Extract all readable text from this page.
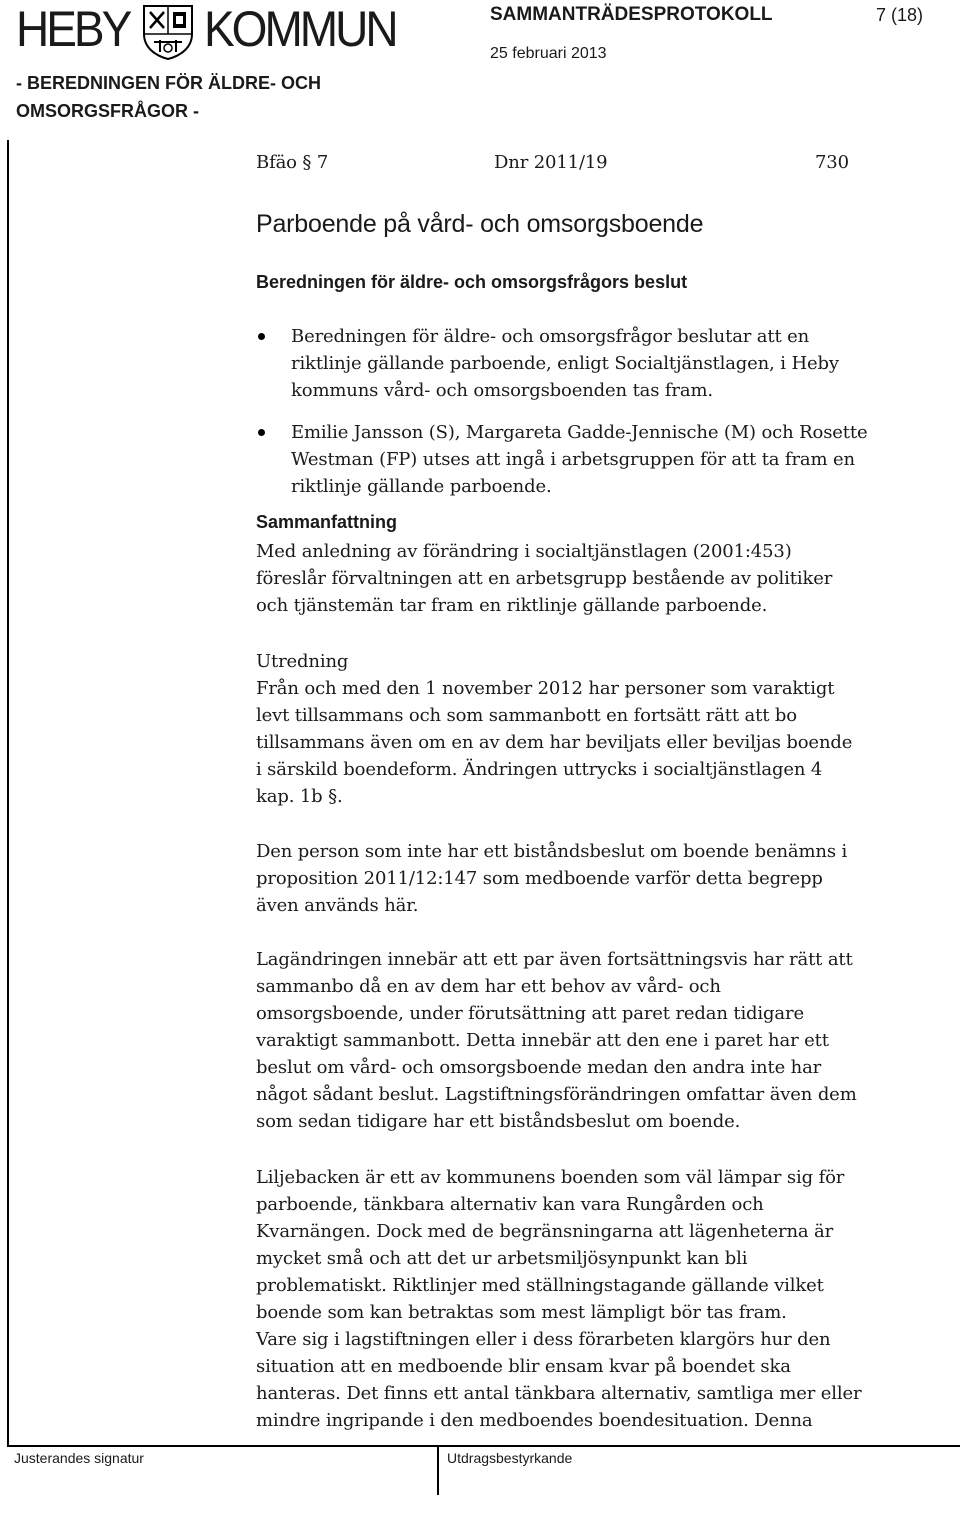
HEBY KOMMUN	SAMMANTRÄDESPROTOKOLL	7 (18)
25 februari 2013
- BEREDNINGEN FÖR ÄLDRE- OCH
OMSORGSFRÅGOR -
Bfäo § 7	Dnr 2011/19	730
Parboende på vård- och omsorgsboende
Beredningen för äldre- och omsorgsfrågors beslut

Beredningen för äldre- och omsorgsfrågor beslutar att en
riktlinje gällande parboende, enligt Socialtjänstlagen, i Heby
kommuns vård- och omsorgsboenden tas fram.

Emilie Jansson (S), Margareta Gadde-Jennische (M) och Rosette
Westman (FP) utses att ingå i arbetsgruppen för att ta fram en
riktlinje gällande parboende.

Sammanfattning

Med anledning av förändring i socialtjänstlagen (2001:453)
föreslår förvaltningen att en arbetsgrupp bestående av politiker
och tjänstemän tar fram en riktlinje gällande parboende.

Utredning

Från och med den 1 november 2012 har personer som varaktigt
levt tillsammans och som sammanbott en fortsätt rätt att bo
tillsammans även om en av dem har beviljats eller beviljas boende
i särskild boendeform. Ändringen uttrycks i socialtjänstlagen 4
kap. 1b §.

Den person som inte har ett biståndsbeslut om boende benämns i
proposition 2011/12:147 som medboende varför detta begrepp
även används här.

Lagändringen innebär att ett par även fortsättningsvis har rätt att
sammanbo då en av dem har ett behov av vård- och
omsorgsboende, under förutsättning att paret redan tidigare
varaktigt sammanbott. Detta innebär att den ene i paret har ett
beslut om vård- och omsorgsboende medan den andra inte har
något sådant beslut. Lagstiftningsförändringen omfattar även dem
som sedan tidigare har ett biståndsbeslut om boende.

Liljebacken är ett av kommunens boenden som väl lämpar sig för
parboende, tänkbara alternativ kan vara Rungården och
Kvarnängen. Dock med de begränsningarna att lägenheterna är
mycket små och att det ur arbetsmiljösynpunkt kan bli
problematiskt. Riktlinjer med ställningstagande gällande vilket
boende som kan betraktas som mest lämpligt bör tas fram.
Vare sig i lagstiftningen eller i dess förarbeten klargörs hur den
situation att en medboende blir ensam kvar på boendet ska
hanteras. Det finns ett antal tänkbara alternativ, samtliga mer eller
mindre ingripande i den medboendes boendesituation. Denna

Justerandes signatur	Utdragsbestyrkande
